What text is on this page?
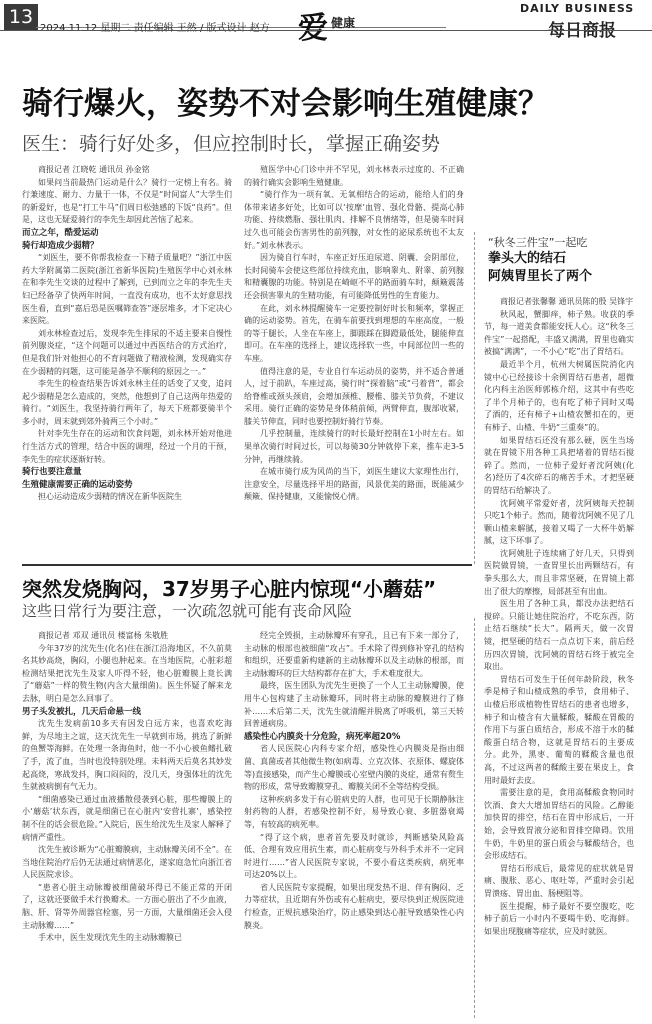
13
2024.11.12 星期二 责任编辑 王然 / 版式设计 赵方 爱 健康
DAILY BUSINESS
每日商报
骑行爆火，姿势不对会影响生殖健康？
医生：骑行好处多，但应控制时长，掌握正确姿势

商报记者 江晓乾 通讯员 孙金铭

如果问当前最热门运动是什么？骑行一定榜上有名。骑行兼速度、耐力、力量于一体，不仅是“时间富人”大学生们的新爱好，也是“打工牛马”们周日松弛感的下饭“良药”。但是，这也无疑爱骑行的李先生却因此苦恼了起来。

而立之年，酷爱运动

骑行却造成少弱精？

“刘医生，要不你帮我检查一下精子质量吧？”浙江中医药大学附属第二医院(浙江省新华医院)生殖医学中心刘永林在和李先生交谈的过程中了解到，已到而立之年的李先生夫妇已经备孕了快两年时间，一直没有成功，也不太好意思找医生看，直到“嘉后恐是医嘱筛查答”逐层堆多，才下定决心来医院。

刘永林检查过后，发现李先生排尿的不适主要来自慢性前列腺炎症，“这个问题可以通过中西医结合的方式治疗，但是我们针对他担心的不育问题做了精液检测，发现确实存在少弱精的问题，这可能是备孕不顺利的原因之一。”

李先生的检查结果告诉刘永林主任的话变了又变，追问起少弱精是怎么造成的，突然，他想到了自己这两年热爱的骑行。“刘医生，我坚持骑行两年了，每天下班都要骑半个多小时，周末就到郊外骑两三个小时。”

针对李先生存在的运动和饮食问题，刘永林开始对他进行生活方式的管理，结合中医的调理，经过一个月的干预，李先生的症状逐渐好转。

骑行也要注意量

生殖健康需要正确的运动姿势

担心运动造成少弱精的情况在新华医院生

殖医学中心门诊中并不罕见，刘永林表示过度的、不正确的骑行确实会影响生殖健康。

“骑行作为一项有氧、无氧相结合的运动，能给人们的身体带来诸多好处，比如可以‘按摩’血管、强化骨骼、提高心肺功能、持续燃脂、强壮肌肉、排解不良情绪等，但是骑车时间过久也可能会伤害男性的前列腺，对女性的泌尿系统也不太友好。”刘永林表示。

因为骑自行车时，车座正好压迫尿道、阴囊、会阴部位，长时间骑车会使这些部位持续充血，影响睾丸、附睾、前列腺和精囊腺的功能。特别是在崎岖不平的路面骑车时，颠簸震荡还会损害睾丸的生精功能，有可能降低男性的生育能力。

在此，刘永林提醒骑车一定要控制好时长和频率，掌握正确的运动姿势。首先，在骑车前要找到理想的车座高度，一般的等于腿长，人坐在车座上，脚跟踩在脚蹬最低处，腿能伸直即可。在车座的选择上，建议选择软一些，中间部位凹一些的车座。

值得注意的是，专业自行车运动员的姿势，并不适合普通人，过于前趴，车座过高，骑行时“探着脑”或“弓着背”，都会给脊椎或颈头颈肩，会增加颈椎、腰椎、膝关节负荷，不建议采用。骑行正确的姿势是身体稍前倾，两臂伸直，腹部收紧，膝关节伸直，同时也要控制好骑行节奏。

几乎控制量，连续骑行的时长最好控制在1小时左右。如果单次骑行时间过长，可以每骑30分钟就停下来，推车走3-5分钟，再继续骑。

在城市骑行成为风尚的当下，刘医生建议大家理性出行，注意安全，尽量选择平坦的路面，风景优美的路面，既能减少颠簸、保持健康，又能愉悦心情。

“秋冬三件宝”一起吃
拳头大的结石
阿姨胃里长了两个

商报记者张馨馨 通讯员陈的殷 吴锋宇

秋风起，蟹脚痒，柿子熟。收获的季节，每一道美食都能安抚人心。这“秋冬三件宝”一起搭配，丰盛又满满，胃里也确实被搞“满满”，一不小心“吃”出了胃结石。

最近半个月，杭州大树属医院消化内镜中心已经接诊十余例胃结石患者，超微化内科主治医师郭栋介绍，这其中有些吃了半个月柿子的，也有吃了柿子同时又喝了酒的，还有柿子+山楂农蟹扣在的，更有柿子、山楂、牛奶“三重奏”的。

如果胃结石还没有那么硬，医生当场就在胃镜下用各种工具把堵着的胃结石搅碎了。然而，一位柿子爱好者沈阿姨(化名)经历了4次碎石的痛苦手术，才把坚硬的胃结石给解决了。

沈阿姨平常爱好者，沈阿姨每天控制只吃1个柿子。然而，随着沈阿姨不见了几颗山楂来解腻，接着又喝了一大杯牛奶解腻，这下坏事了。

沈阿姨肚子连续痛了好几天，只得到医院做胃镜，一查胃里长出两颗结石，有拳头那么大，而且非常坚硬，在胃镜上都出了很大的摩擦，局部甚至有出血。

医生用了各种工具，都没办法把结石搅碎。只能让她住院治疗，不吃东西，防止结石继续“长大”。隔两天，做一次胃镜，把坚硬的结石一点点切下来，前后经历四次胃镜，沈阿姨的胃结石终于被完全取出。

胃结石可发生于任何年龄阶段，秋冬季是柿子和山楂成熟的季节，食用柿子、山楂后形成植物性胃结石的患者也增多，柿子和山楂含有大量鞣酸，鞣酸在胃酸的作用下与蛋白质结合，形成不溶于水的鞣酸蛋白结合物，这就是胃结石的主要成分。此外，黑枣、葡萄的鞣酸含量也很高，不过这两者的鞣酸主要在果皮上，食用时最好去皮。

需要注意的是，食用高鞣酸食物同时饮酒、食大大增加胃结石的风险。乙醇能加快胃的排空，结石在胃中形成后，一开始，会导致胃液分泌和胃排空障碍。饮用牛奶，牛奶里的蛋白质会与鞣酸结合，也会形成结石。

胃结石形成后，最常见的症状就是胃痛、腹胀、恶心、呕吐等，严重时会引起胃溃疡、胃出血、肠梗阻等。

医生提醒，柿子最好不要空腹吃，吃柿子前后一小时内不要喝牛奶、吃海鲜。如果出现腹痛等症状，应及时就医。

突然发烧胸闷，37岁男子心脏内惊现“小蘑菇”
这些日常行为要注意，一次疏忽就可能有丧命风险

商报记者 邓双 通讯员 楼富杨 朱敬胜

今年37岁的沈先生(化名)住在浙江沿海地区，不久前莫名其妙高烧，胸闷，小腿也肿起来。在当地医院，心脏彩超检测结果把沈先生及家人吓得不轻，他心脏瓣膜上竟长满了“蘑菇”一样的赘生物(内含大量细菌)。医生怀疑了解来龙去脉，明白是怎么回事了。

男子头发被扎，几天后命悬一线

沈先生发病前10多天有因发白远方来，也喜欢吃海鲜，为尽地主之谊，这天沈先生一早就到市场，挑选了新鲜的鱼蟹等海鲜。在处理一条海鱼时，他一不小心被鱼鳍扎破了手，流了血，当时也没特别处理。未料两天后莫名其妙发起高烧，寒战发抖，胸口闷闷的，没几天，身强体壮的沈先生就被病倒有气无力。

“细菌感染已通过血液播散侵袭到心脏，那些瓣膜上的小‘蘑菇’状东西，就是细菌已在心脏内‘安营扎寨’，感染控制不住的话会很危险。”入院后，医生给沈先生及家人解释了病情严重性。

沈先生被诊断为“心脏瓣膜病，主动脉瓣关闭不全”。在当地住院治疗后仍无法通过病情恶化，遂家庭急忙向浙江省人民医院求诊。

“患者心脏主动脉瓣被细菌破坏得已不能正常的开闭了，这就还要做手术行换瓣术。一方面心脏出了不少血液，脑、肝、肾等外周器官栓塞，另一方面，大量细菌还会入侵主动脉瓣……”

手术中，医生发现沈先生的主动脉瓣膜已

经完全毁损，主动脉瓣环有穿孔，且已有下来一部分了，主动脉的根部也被细菌“攻占”。手术除了得到修补穿孔的结构和组织，还要重新构建新的主动脉瓣环以及主动脉的根部，而主动脉瓣环的巨大结构都存在扩大，手术难度很大。

最终，医生团队为沈先生更换了一个人工主动脉瓣膜，使用牛心包构建了主动脉瓣环，同时将主动脉的瓣膜进行了修补……术后第二天，沈先生就清醒并脱离了呼吸机，第三天转回普通病房。

感染性心内膜炎十分危险，病死率超20%

省人民医院心内科专家介绍，感染性心内膜炎是指由细菌、真菌或者其他微生物(如病毒、立克次体、衣原体、螺旋体等)直接感染，而产生心瓣膜或心室壁内膜的炎症，通常有赘生物的形成，常导致瓣膜穿孔、瓣膜关闭不全等结构受损。

这种疾病多发于有心脏病史的人群，也可见于长期静脉注射药物的人群，若感染控制不好，易导致心衰、多脏器衰竭等，有较高的病死率。

“得了这个病，患者首先要及时就诊，判断感染风险高低、合理有效应用抗生素，而心脏病变与外科手术并不一定同时进行……”省人民医院专家说，不要小看这类疾病，病死率可达20%以上。

省人民医院专家提醒，如果出现发热不退、伴有胸闷、乏力等症状，且近期有外伤或有心脏病史，要尽快到正规医院进行检查，正规抗感染治疗，防止感染到达心脏导致感染性心内膜炎。
